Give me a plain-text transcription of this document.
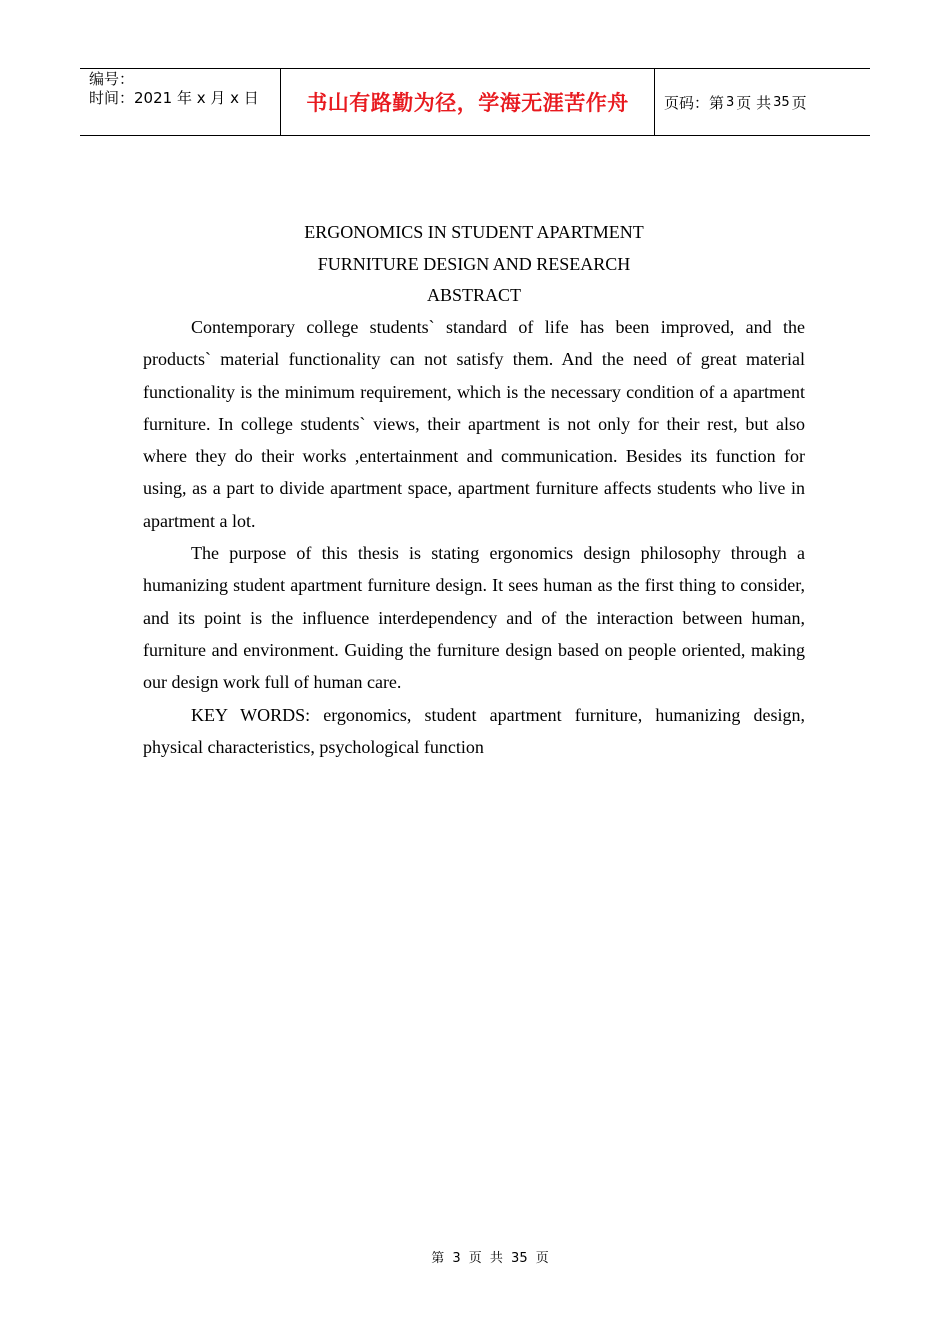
编号：
时间：2021 年 x 月 x 日	书山有路勤为径，学海无涯苦作舟 页码：第 3 页 共 35 页
ERGONOMICS IN STUDENT APARTMENT
FURNITURE DESIGN AND RESEARCH
ABSTRACT

Contemporary college students` standard of life has been improved, and the products` material functionality can not satisfy them. And the need of great material functionality is the minimum requirement, which is the necessary condition of a apartment furniture. In college students` views, their apartment is not only for their rest, but also where they do their works ,entertainment and communication. Besides its function for using, as a part to divide apartment space, apartment furniture affects students who live in apartment a lot.

The purpose of this thesis is stating ergonomics design philosophy through a humanizing student apartment furniture design. It sees human as the first thing to consider, and its point is the influence interdependency and of the interaction between human, furniture and environment. Guiding the furniture design based on people oriented, making our design work full of human care.

KEY WORDS: ergonomics, student apartment furniture, humanizing design, physical characteristics, psychological function

第 3 页 共 35 页
